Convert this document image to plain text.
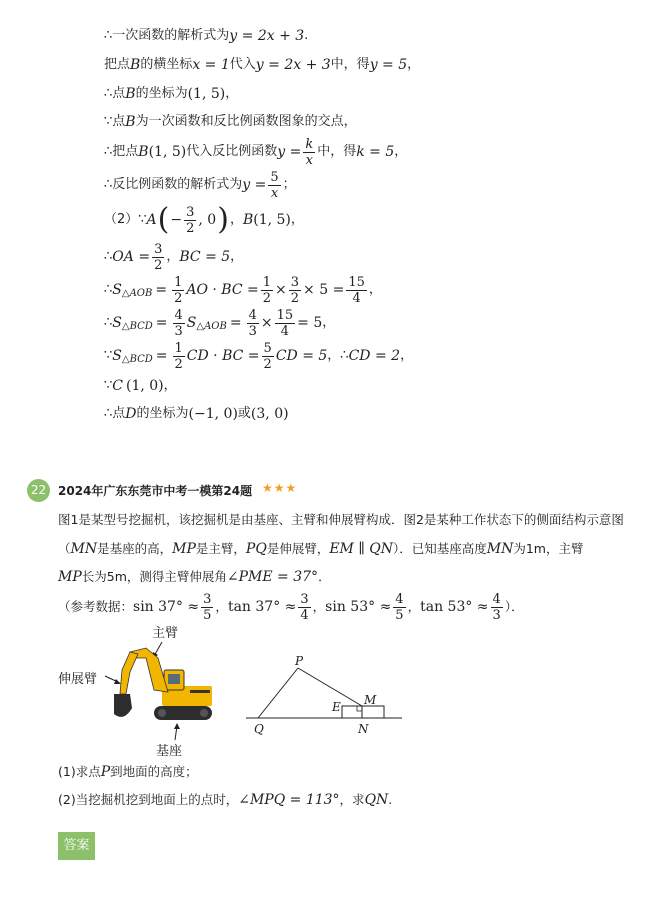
∴一次函数的解析式为 y = 2x + 3 .
把点 B 的横坐标 x = 1 代入 y = 2x + 3 中，得 y = 5 ，
∴点 B 的坐标为 (1, 5) ，
∵点 B 为一次函数和反比例函数图象的交点，
∴把点 B (1, 5) 代入反比例函数 $y = \frac{k}{x}$ 中，得 k = 5 ，
∴反比例函数的解析式为 $y = \frac{5}{x}$ ；
（2）∵ A ( − $\frac{3}{2}$ , 0 ) ， B (1, 5) ，
∴ OA = $\frac{3}{2}$ ， BC = 5 ，
∴ S △AOB = $\frac{1}{2}$ AO · BC = $\frac{1}{2} \times \frac{3}{2} \times 5 = \frac{15}{4}$ ，
∴ S △BCD = $\frac{4}{3}$ S △AOB = $\frac{4}{3} \times \frac{15}{4} = 5$ ，
∵ S △BCD = $\frac{1}{2}$ CD · BC = $\frac{5}{2}$ CD = 5 ，∴ CD = 2 ，
∵ C (1, 0) ，
∴点 D 的坐标为 (−1, 0) 或 (3, 0)
22 2024年广东东莞市中考一模第24题 ★★★
图1是某型号挖掘机，该挖掘机是由基座、主臂和伸展臂构成．图2是某种工作状态下的侧面结构示意图
（ MN 是基座的高， MP 是主臂， PQ 是伸展臂， EM ∥ QN ）．已知基座高度 MN 为1m，主臂
MP 长为5m，测得主臂伸展角 ∠PME = 37° ．
（参考数据： $\sin 37^\circ \approx \frac{3}{5}$ ， $\tan 37^\circ \approx \frac{3}{4}$ ， $\sin 53^\circ \approx \frac{4}{5}$ ， $\tan 53^\circ \approx \frac{4}{3}$ ）．
主臂
伸展臂
基座
P
M
E
Q	N
(1)求点 P 到地面的高度；
(2)当挖掘机挖到地面上的点时， ∠MPQ = 113° ，求 QN .
答案
